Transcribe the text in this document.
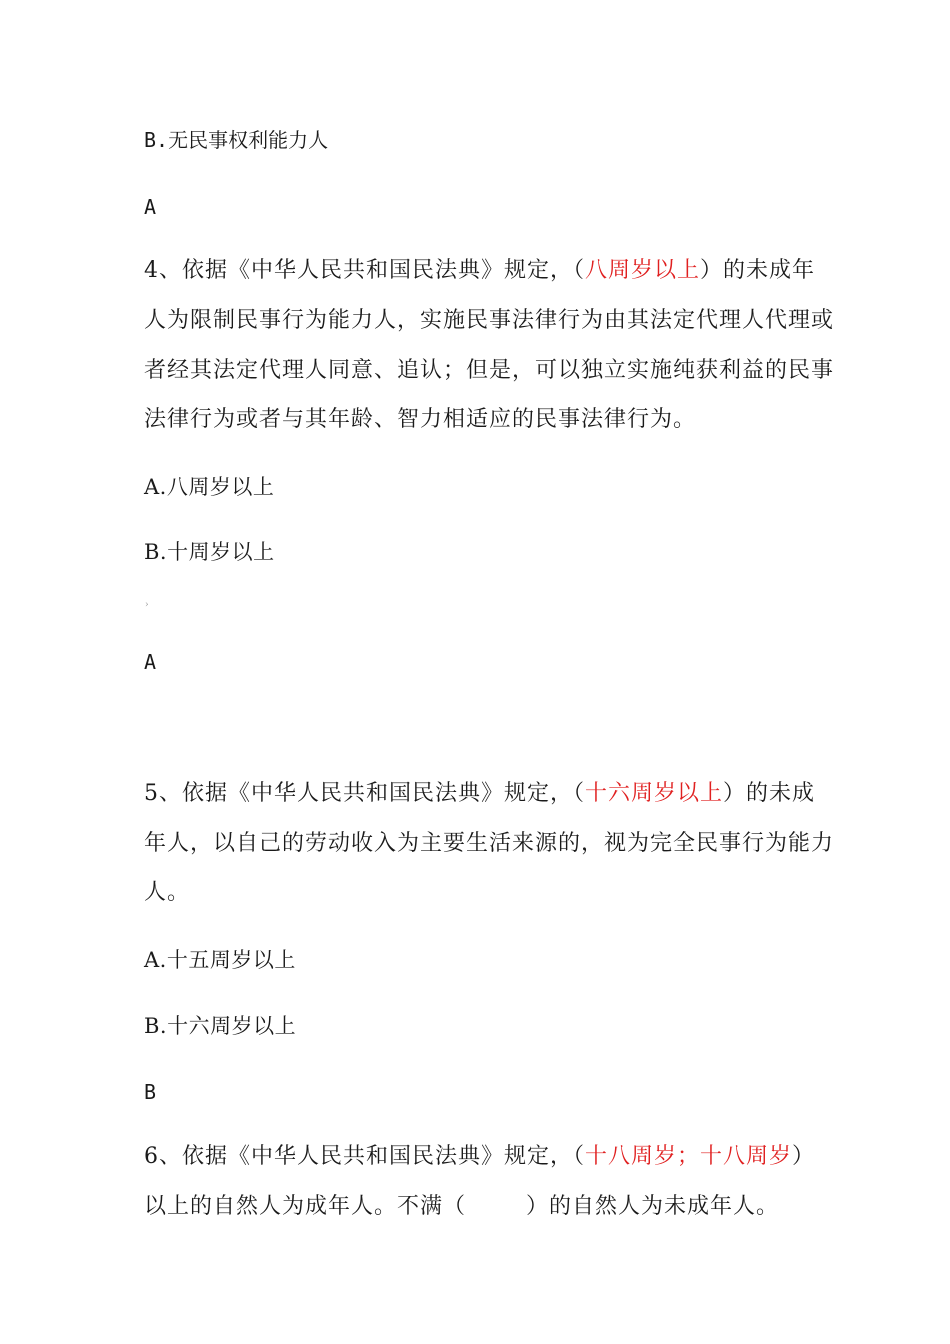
B.无民事权利能力人
A
4、依据《中华人民共和国民法典》规定，（八周岁以上）的未成年
人为限制民事行为能力人，实施民事法律行为由其法定代理人代理或
者经其法定代理人同意、追认；但是，可以独立实施纯获利益的民事
法律行为或者与其年龄、智力相适应的民事法律行为。
A.八周岁以上
B.十周岁以上
›
A
5、依据《中华人民共和国民法典》规定，（十六周岁以上）的未成
年人，以自己的劳动收入为主要生活来源的，视为完全民事行为能力
人。
A.十五周岁以上
B.十六周岁以上
B
6、依据《中华人民共和国民法典》规定，（十八周岁；十八周岁）
以上的自然人为成年人。不满（	）的自然人为未成年人。
